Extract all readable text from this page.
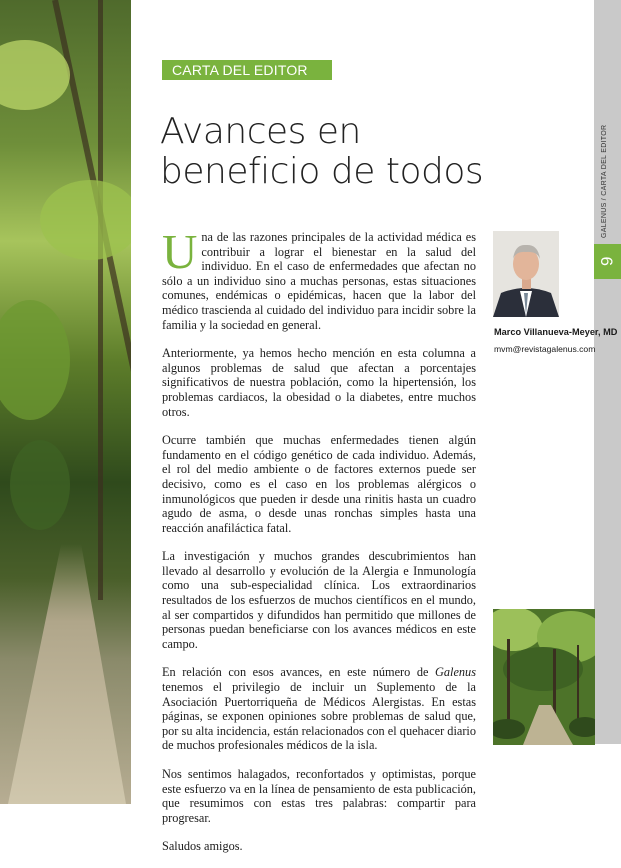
GALENUS / CARTA DEL EDITOR
9
CARTA DEL EDITOR
Avances en
beneficio de todos

Una de las razones principales de la actividad médica es contribuir a lograr el bienestar en la salud del individuo. En el caso de enfermedades que afectan no sólo a un individuo sino a muchas personas, estas situaciones comunes, endémicas o epidémicas, hacen que la labor del médico trascienda al cuidado del individuo para incidir sobre la familia y la sociedad en general.

Anteriormente, ya hemos hecho mención en esta columna a algunos problemas de salud que afectan a porcentajes significativos de nuestra población, como la hipertensión, los problemas cardiacos, la obesidad o la diabetes, entre muchos otros.

Ocurre también que muchas enfermedades tienen algún fundamento en el código genético de cada individuo. Además, el rol del medio ambiente o de factores externos puede ser decisivo, como es el caso en los problemas alérgicos o inmunológicos que pueden ir desde una rinitis hasta un cuadro agudo de asma, o desde unas ronchas simples hasta una reacción anafiláctica fatal.

La investigación y muchos grandes descubrimientos han llevado al desarrollo y evolución de la Alergia e Inmunología como una sub-especialidad clínica. Los extraordinarios resultados de los esfuerzos de muchos científicos en el mundo, al ser compartidos y difundidos han permitido que millones de personas puedan beneficiarse con los avances médicos en este campo.

En relación con esos avances, en este número de Galenus tenemos el privilegio de incluir un Suplemento de la Asociación Puertorriqueña de Médicos Alergistas. En estas páginas, se exponen opiniones sobre problemas de salud que, por su alta incidencia, están relacionados con el quehacer diario de muchos profesionales médicos de la isla.

Nos sentimos halagados, reconfortados y optimistas, porque este esfuerzo va en la línea de pensamiento de esta publicación, que resumimos con estas tres palabras: compartir para progresar.

Saludos amigos.

Marco Villanueva-Meyer, MD

mvm@revistagalenus.com
